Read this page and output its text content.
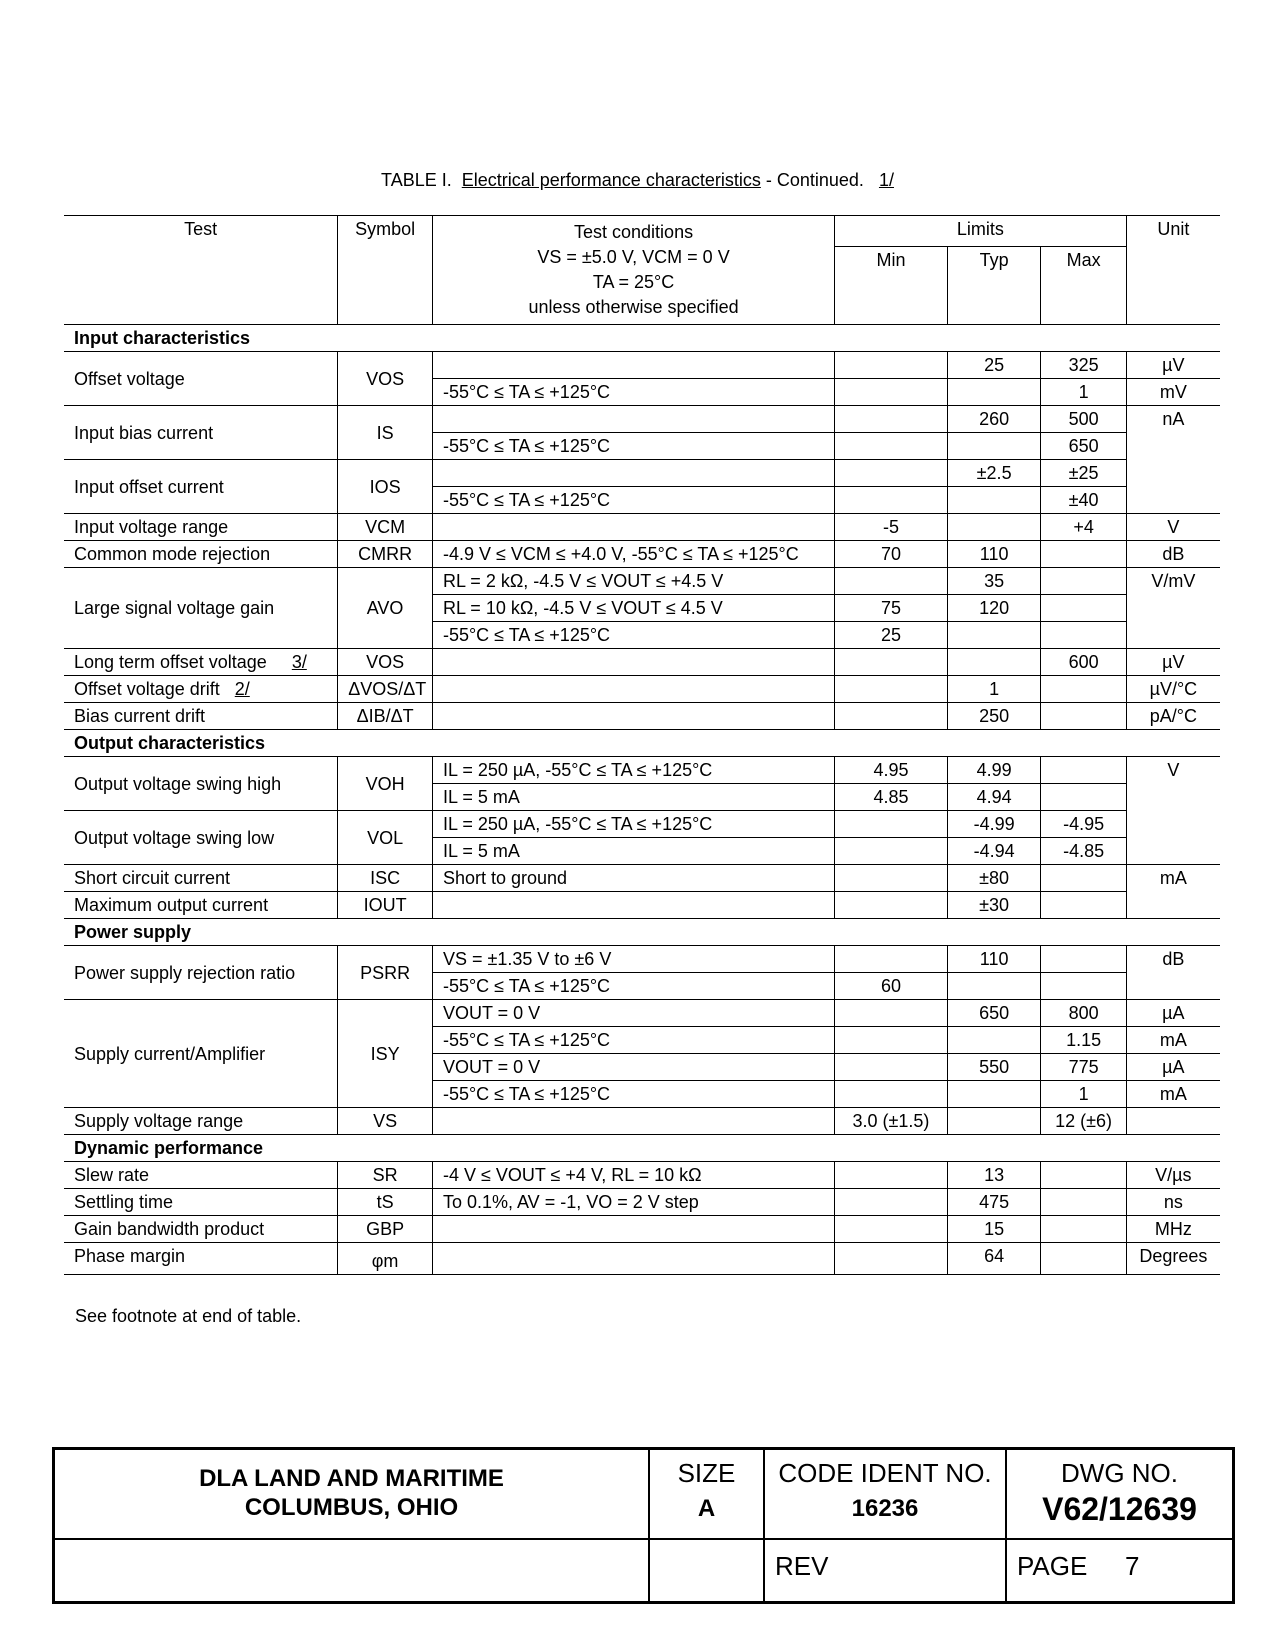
TABLE I. Electrical performance characteristics - Continued. 1/
Test	Symbol	Test conditions
VS = ±5.0 V, VCM = 0 V
TA = 25°C
unless otherwise specified	Limits			Unit
			Min	Typ	Max	
Input characteristics						
Offset voltage	VOS			25	325	µV
		-55°C ≤ TA ≤ +125°C			1	mV
Input bias current	IS			260	500	nA
		-55°C ≤ TA ≤ +125°C			650	
Input offset current	IOS			±2.5	±25	
		-55°C ≤ TA ≤ +125°C			±40	
Input voltage range	VCM		-5		+4	V
Common mode rejection	CMRR	-4.9 V ≤ VCM ≤ +4.0 V, -55°C ≤ TA ≤ +125°C	70	110		dB
Large signal voltage gain	AVO	RL = 2 kΩ, -4.5 V ≤ VOUT ≤ +4.5 V		35		V/mV
		RL = 10 kΩ, -4.5 V ≤ VOUT ≤ 4.5 V	75	120		
		-55°C ≤ TA ≤ +125°C	25			
Long term offset voltage 3/	VOS				600	µV
Offset voltage drift 2/	ΔVOS/ΔT			1		µV/°C
Bias current drift	ΔIB/ΔT			250		pA/°C
Output characteristics						
Output voltage swing high	VOH	IL = 250 µA, -55°C ≤ TA ≤ +125°C	4.95	4.99		V
		IL = 5 mA	4.85	4.94		
Output voltage swing low	VOL	IL = 250 µA, -55°C ≤ TA ≤ +125°C		-4.99	-4.95	
		IL = 5 mA		-4.94	-4.85	
Short circuit current	ISC	Short to ground		±80		mA
Maximum output current	IOUT			±30		
Power supply						
Power supply rejection ratio	PSRR	VS = ±1.35 V to ±6 V		110		dB
		-55°C ≤ TA ≤ +125°C	60			
Supply current/Amplifier	ISY	VOUT = 0 V		650	800	µA
		-55°C ≤ TA ≤ +125°C			1.15	mA
		VOUT = 0 V		550	775	µA
		-55°C ≤ TA ≤ +125°C			1	mA
Supply voltage range	VS		3.0 (±1.5)		12 (±6)	
Dynamic performance						
Slew rate	SR	-4 V ≤ VOUT ≤ +4 V, RL = 10 kΩ		13		V/µs
Settling time	tS	To 0.1%, AV = -1, VO = 2 V step		475		ns
Gain bandwidth product	GBP			15		MHz
Phase margin	φm			64		Degrees
See footnote at end of table.
DLA LAND AND MARITIME
COLUMBUS, OHIO
SIZE
A
CODE IDENT NO.
16236
DWG NO.
V62/12639
REV	PAGE 7
